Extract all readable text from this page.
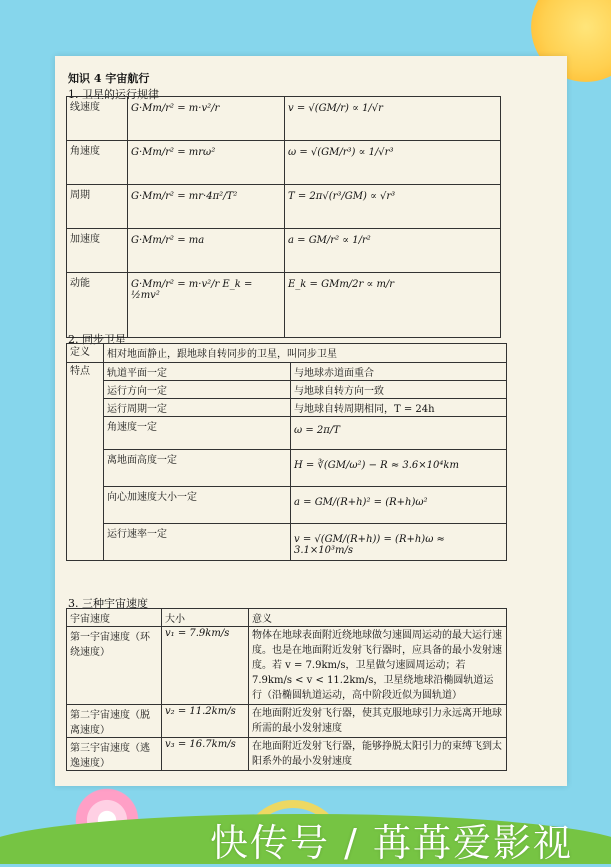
知识 4 宇宙航行
1. 卫星的运行规律
线速度	G·Mm/r² = m·v²/r	v = √(GM/r) ∝ 1/√r
角速度	G·Mm/r² = mrω²	ω = √(GM/r³) ∝ 1/√r³
周期	G·Mm/r² = mr·4π²/T²	T = 2π√(r³/GM) ∝ √r³
加速度	G·Mm/r² = ma	a = GM/r² ∝ 1/r²
动能	G·Mm/r² = m·v²/r E_k = ½mv²	E_k = GMm/2r ∝ m/r
2. 同步卫星
定义	相对地面静止，跟地球自转同步的卫星，叫同步卫星	
特点	轨道平面一定	与地球赤道面重合
	运行方向一定	与地球自转方向一致
	运行周期一定	与地球自转周期相同，T = 24h
	角速度一定	ω = 2π/T
	离地面高度一定	H = ∛(GM/ω²) − R ≈ 3.6×10⁴km
	向心加速度大小一定	a = GM/(R+h)² = (R+h)ω²
	运行速率一定	v = √(GM/(R+h)) = (R+h)ω ≈ 3.1×10³m/s
3. 三种宇宙速度
宇宙速度	大小	意义
第一宇宙速度（环绕速度）	v₁ = 7.9km/s	物体在地球表面附近绕地球做匀速圆周运动的最大运行速度。也是在地面附近发射飞行器时，应具备的最小发射速度。若 v = 7.9km/s，卫星做匀速圆周运动；若7.9km/s < v < 11.2km/s，卫星绕地球沿椭圆轨道运行（沿椭圆轨道运动，高中阶段近似为圆轨道）
第二宇宙速度（脱离速度）	v₂ = 11.2km/s	在地面附近发射飞行器，使其克服地球引力永远离开地球所需的最小发射速度
第三宇宙速度（逃逸速度）	v₃ = 16.7km/s	在地面附近发射飞行器，能够挣脱太阳引力的束缚飞到太阳系外的最小发射速度
快传号 / 苒苒爱影视
